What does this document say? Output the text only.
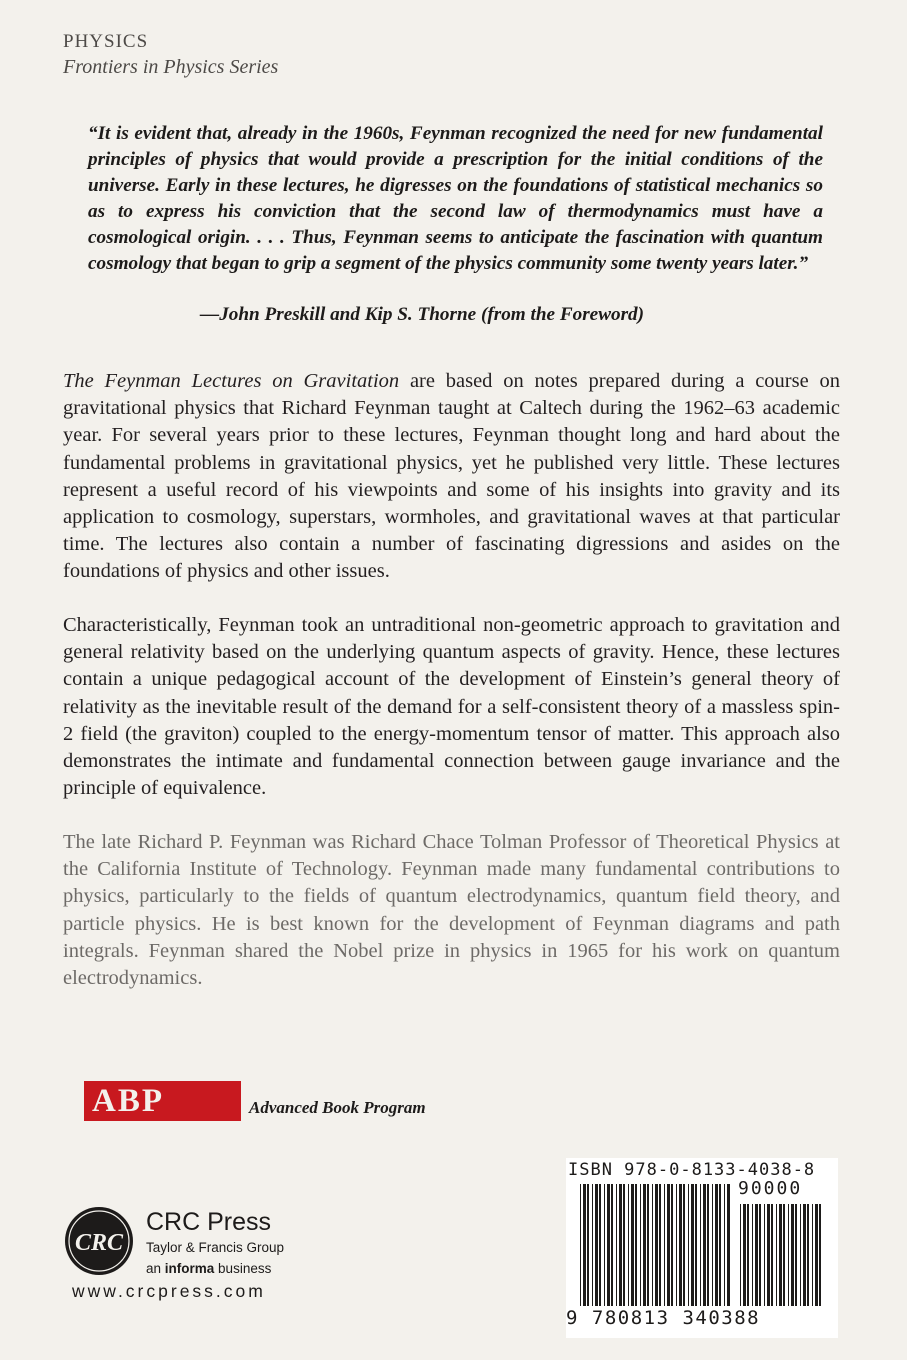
PHYSICS
Frontiers in Physics Series

“It is evident that, already in the 1960s, Feynman recognized the need for new fundamental principles of physics that would provide a prescription for the initial conditions of the universe. Early in these lectures, he digresses on the foundations of statistical mechanics so as to express his conviction that the second law of thermodynamics must have a cosmological origin. . . . Thus, Feynman seems to anticipate the fascination with quantum cosmology that began to grip a segment of the physics community some twenty years later.”

—John Preskill and Kip S. Thorne (from the Foreword)

The Feynman Lectures on Gravitation are based on notes prepared during a course on gravitational physics that Richard Feynman taught at Caltech during the 1962–63 academic year. For several years prior to these lectures, Feynman thought long and hard about the fundamental problems in gravitational physics, yet he published very little. These lectures represent a useful record of his viewpoints and some of his insights into gravity and its application to cosmology, superstars, wormholes, and gravitational waves at that particular time. The lectures also contain a number of fascinating digressions and asides on the foundations of physics and other issues.

Characteristically, Feynman took an untraditional non-geometric approach to gravitation and general relativity based on the underlying quantum aspects of gravity. Hence, these lectures contain a unique pedagogical account of the development of Einstein’s general theory of relativity as the inevitable result of the demand for a self-consistent theory of a massless spin-2 field (the graviton) coupled to the energy-momentum tensor of matter. This approach also demonstrates the intimate and fundamental connection between gauge invariance and the principle of equivalence.

The late Richard P. Feynman was Richard Chace Tolman Professor of Theoretical Physics at the California Institute of Technology. Feynman made many fundamental contributions to physics, particularly to the fields of quantum electrodynamics, quantum field theory, and particle physics. He is best known for the development of Feynman diagrams and path integrals. Feynman shared the Nobel prize in physics in 1965 for his work on quantum electrodynamics.

ABP	Advanced Book Program
CRC
CRC Press
Taylor & Francis Group
an informa business
www.crcpress.com
ISBN 978-0-8133-4038-8
90000
9 780813 340388
